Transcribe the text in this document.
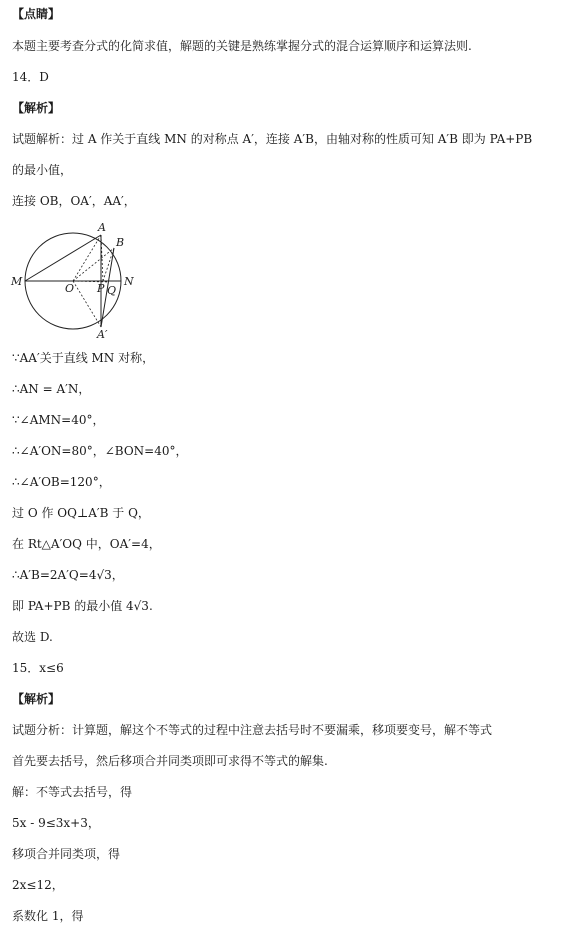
【点睛】
本题主要考查分式的化简求值，解题的关键是熟练掌握分式的混合运算顺序和运算法则.
14．D
【解析】
试题解析：过 A 作关于直线 MN 的对称点 A′，连接 A′B，由轴对称的性质可知 A′B 即为 PA+PB
的最小值，
连接 OB，OA′，AA′，
∵AA′关于直线 MN 对称，
∴AN = A′N，
∵∠AMN=40°，
∴∠A′ON=80°，∠BON=40°，
∴∠A′OB=120°，
过 O 作 OQ⊥A′B 于 Q，
在 Rt△A′OQ 中，OA′=4，
∴A′B=2A′Q=4√3，
即 PA+PB 的最小值 4√3.
故选 D.
15．x≤6
【解析】
试题分析：计算题，解这个不等式的过程中注意去括号时不要漏乘，移项要变号，解不等式
首先要去括号，然后移项合并同类项即可求得不等式的解集.
解：不等式去括号，得
5x - 9≤3x+3，
移项合并同类项，得
2x≤12，
系数化 1，得
M	N
O P Q
A
B
A′
